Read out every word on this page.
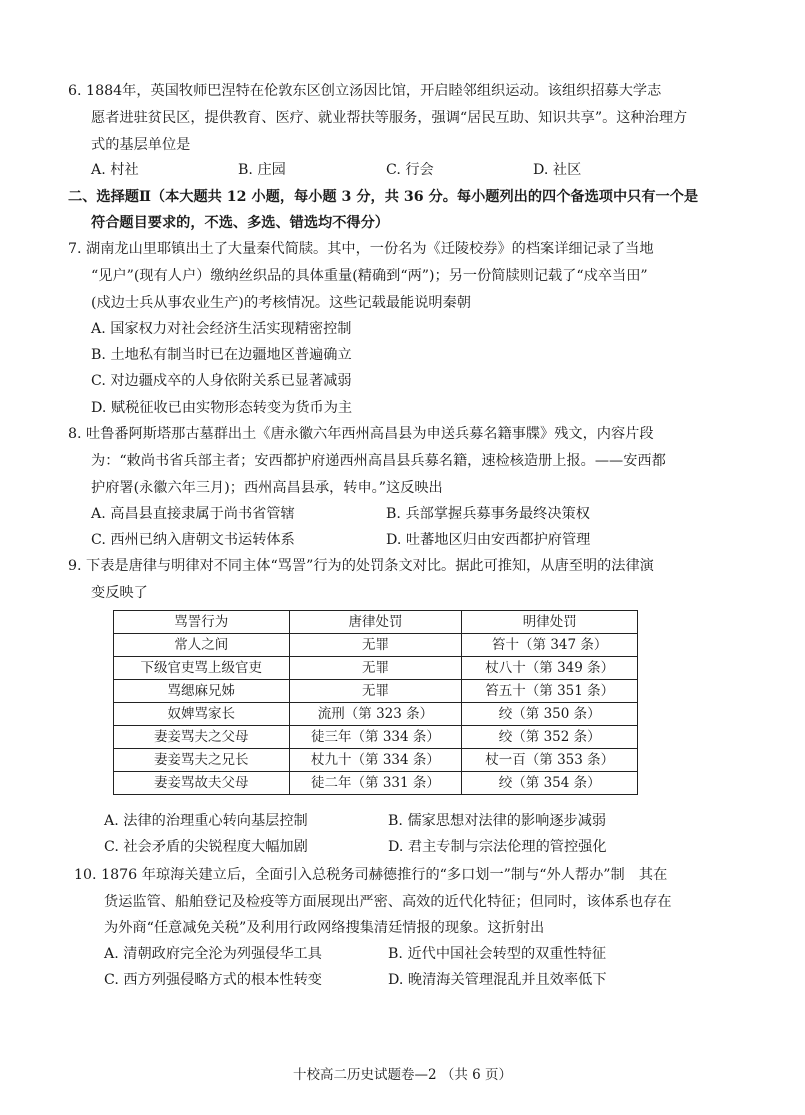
6. 1884年，英国牧师巴涅特在伦敦东区创立汤因比馆，开启睦邻组织运动。该组织招募大学志
愿者进驻贫民区，提供教育、医疗、就业帮扶等服务，强调“居民互助、知识共享”。这种治理方
式的基层单位是
A. 村社	B. 庄园	C. 行会	D. 社区
二、选择题Ⅱ（本大题共 12 小题，每小题 3 分，共 36 分。每小题列出的四个备选项中只有一个是
符合题目要求的，不选、多选、错选均不得分）
7. 湖南龙山里耶镇出土了大量秦代简牍。其中，一份名为《迁陵校券》的档案详细记录了当地
“见户”(现有人户）缴纳丝织品的具体重量(精确到“两”)；另一份简牍则记载了“戍卒当田”
(戍边士兵从事农业生产)的考核情况。这些记载最能说明秦朝
A. 国家权力对社会经济生活实现精密控制
B. 土地私有制当时已在边疆地区普遍确立
C. 对边疆戍卒的人身依附关系已显著减弱
D. 赋税征收已由实物形态转变为货币为主
8. 吐鲁番阿斯塔那古墓群出土《唐永徽六年西州高昌县为申送兵募名籍事牒》残文，内容片段
为：“敕尚书省兵部主者；安西都护府递西州高昌县兵募名籍，速检核造册上报。——安西都
护府署(永徽六年三月)；西州高昌县承，转申。”这反映出
A. 高昌县直接隶属于尚书省管辖	B. 兵部掌握兵募事务最终决策权
C. 西州已纳入唐朝文书运转体系	D. 吐蕃地区归由安西都护府管理
9. 下表是唐律与明律对不同主体“骂詈”行为的处罚条文对比。据此可推知，从唐至明的法律演
变反映了
骂詈行为	唐律处罚	明律处罚
常人之间	无罪	笞十（第 347 条）
下级官吏骂上级官吏	无罪	杖八十（第 349 条）
骂缌麻兄姊	无罪	笞五十（第 351 条）
奴婢骂家长	流刑（第 323 条）	绞（第 350 条）
妻妾骂夫之父母	徒三年（第 334 条）	绞（第 352 条）
妻妾骂夫之兄长	杖九十（第 334 条）	杖一百（第 353 条）
妻妾骂故夫父母	徒二年（第 331 条）	绞（第 354 条）
A. 法律的治理重心转向基层控制	B. 儒家思想对法律的影响逐步减弱
C. 社会矛盾的尖锐程度大幅加剧	D. 君主专制与宗法伦理的管控强化
10. 1876 年琼海关建立后，全面引入总税务司赫德推行的“多口划一”制与“外人帮办”制　其在
货运监管、船舶登记及检疫等方面展现出严密、高效的近代化特征；但同时，该体系也存在
为外商“任意减免关税”及利用行政网络搜集清廷情报的现象。这折射出
A. 清朝政府完全沦为列强侵华工具	B. 近代中国社会转型的双重性特征
C. 西方列强侵略方式的根本性转变	D. 晚清海关管理混乱并且效率低下
十校高二历史试题卷—2 （共 6 页）
